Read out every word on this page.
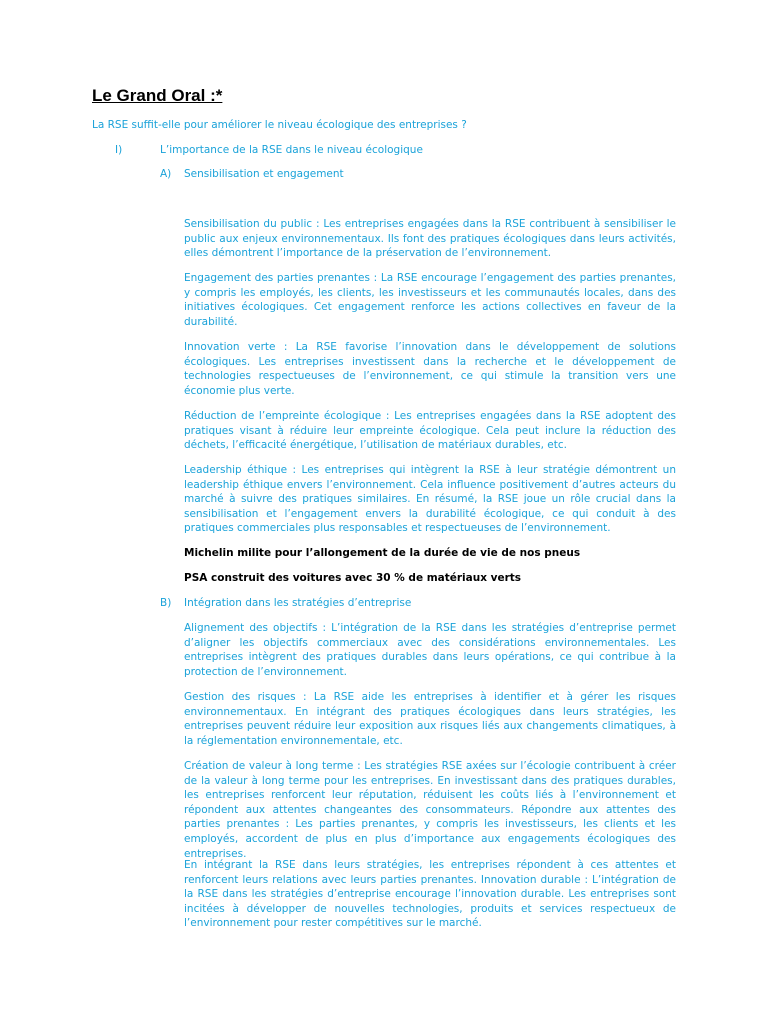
Le Grand Oral :*

La RSE suffit-elle pour améliorer le niveau écologique des entreprises ?

I)	L’importance de la RSE dans le niveau écologique
A) Sensibilisation et engagement

Sensibilisation du public : Les entreprises engagées dans la RSE contribuent à sensibiliser le public aux enjeux environnementaux. Ils font des pratiques écologiques dans leurs activités, elles démontrent l’importance de la préservation de l’environnement.

Engagement des parties prenantes : La RSE encourage l’engagement des parties prenantes, y compris les employés, les clients, les investisseurs et les communautés locales, dans des initiatives écologiques. Cet engagement renforce les actions collectives en faveur de la durabilité.

Innovation verte : La RSE favorise l’innovation dans le développement de solutions écologiques. Les entreprises investissent dans la recherche et le développement de technologies respectueuses de l’environnement, ce qui stimule la transition vers une économie plus verte.

Réduction de l’empreinte écologique : Les entreprises engagées dans la RSE adoptent des pratiques visant à réduire leur empreinte écologique. Cela peut inclure la réduction des déchets, l’efficacité énergétique, l’utilisation de matériaux durables, etc.

Leadership éthique : Les entreprises qui intègrent la RSE à leur stratégie démontrent un leadership éthique envers l’environnement. Cela influence positivement d’autres acteurs du marché à suivre des pratiques similaires. En résumé, la RSE joue un rôle crucial dans la sensibilisation et l’engagement envers la durabilité écologique, ce qui conduit à des pratiques commerciales plus responsables et respectueuses de l’environnement.

Michelin milite pour l’allongement de la durée de vie de nos pneus

PSA construit des voitures avec 30 % de matériaux verts

B) Intégration dans les stratégies d’entreprise

Alignement des objectifs : L’intégration de la RSE dans les stratégies d’entreprise permet d’aligner les objectifs commerciaux avec des considérations environnementales. Les entreprises intègrent des pratiques durables dans leurs opérations, ce qui contribue à la protection de l’environnement.

Gestion des risques : La RSE aide les entreprises à identifier et à gérer les risques environnementaux. En intégrant des pratiques écologiques dans leurs stratégies, les entreprises peuvent réduire leur exposition aux risques liés aux changements climatiques, à la réglementation environnementale, etc.

Création de valeur à long terme : Les stratégies RSE axées sur l’écologie contribuent à créer de la valeur à long terme pour les entreprises. En investissant dans des pratiques durables, les entreprises renforcent leur réputation, réduisent les coûts liés à l’environnement et répondent aux attentes changeantes des consommateurs. Répondre aux attentes des parties prenantes : Les parties prenantes, y compris les investisseurs, les clients et les employés, accordent de plus en plus d’importance aux engagements écologiques des entreprises.

En intégrant la RSE dans leurs stratégies, les entreprises répondent à ces attentes et renforcent leurs relations avec leurs parties prenantes. Innovation durable : L’intégration de la RSE dans les stratégies d’entreprise encourage l’innovation durable. Les entreprises sont incitées à développer de nouvelles technologies, produits et services respectueux de l’environnement pour rester compétitives sur le marché.
